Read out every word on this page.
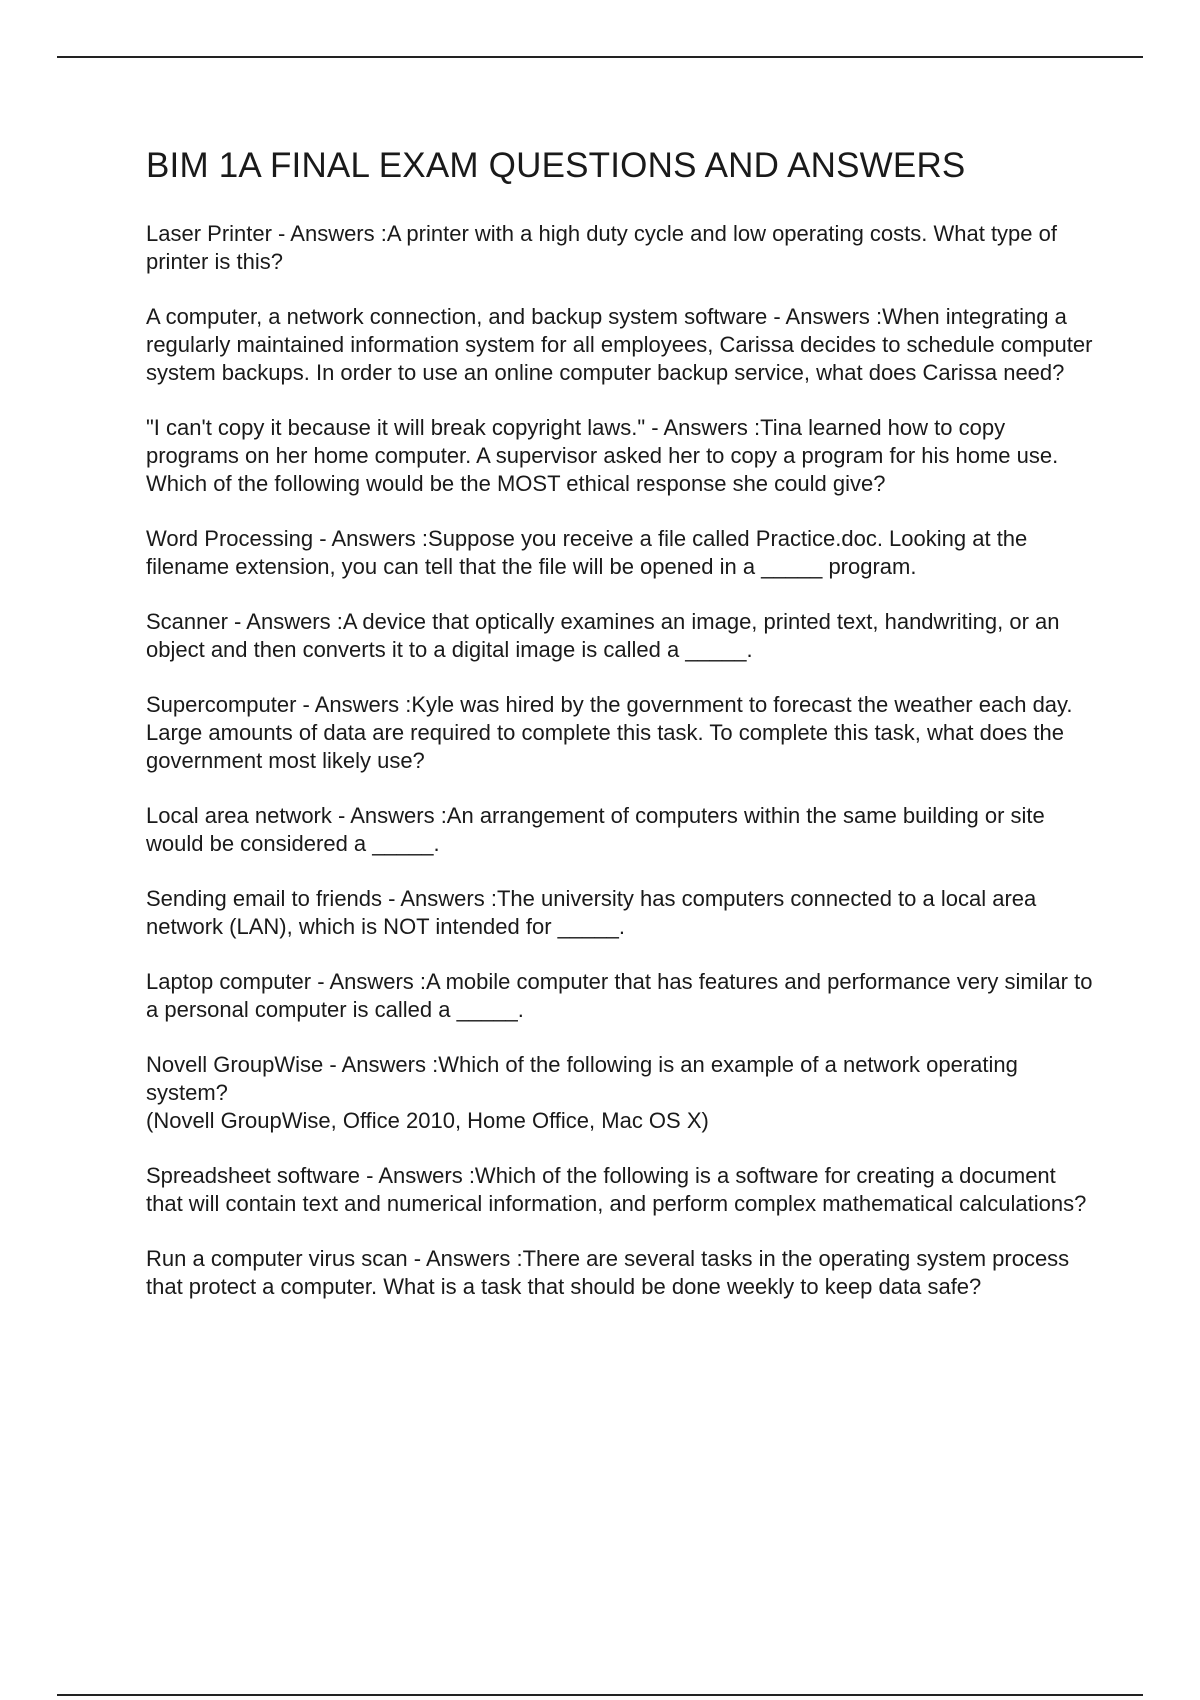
BIM 1A FINAL EXAM QUESTIONS AND ANSWERS

Laser Printer - Answers :A printer with a high duty cycle and low operating costs. What type of printer is this?

A computer, a network connection, and backup system software - Answers :When integrating a regularly maintained information system for all employees, Carissa decides to schedule computer system backups. In order to use an online computer backup service, what does Carissa need?

"I can't copy it because it will break copyright laws." - Answers :Tina learned how to copy programs on her home computer. A supervisor asked her to copy a program for his home use. Which of the following would be the MOST ethical response she could give?

Word Processing - Answers :Suppose you receive a file called Practice.doc. Looking at the filename extension, you can tell that the file will be opened in a _____ program.

Scanner - Answers :A device that optically examines an image, printed text, handwriting, or an object and then converts it to a digital image is called a _____.

Supercomputer - Answers :Kyle was hired by the government to forecast the weather each day. Large amounts of data are required to complete this task. To complete this task, what does the government most likely use?

Local area network - Answers :An arrangement of computers within the same building or site would be considered a _____.

Sending email to friends - Answers :The university has computers connected to a local area network (LAN), which is NOT intended for _____.

Laptop computer - Answers :A mobile computer that has features and performance very similar to a personal computer is called a _____.

Novell GroupWise - Answers :Which of the following is an example of a network operating system?
(Novell GroupWise, Office 2010, Home Office, Mac OS X)

Spreadsheet software - Answers :Which of the following is a software for creating a document that will contain text and numerical information, and perform complex mathematical calculations?

Run a computer virus scan - Answers :There are several tasks in the operating system process that protect a computer. What is a task that should be done weekly to keep data safe?
